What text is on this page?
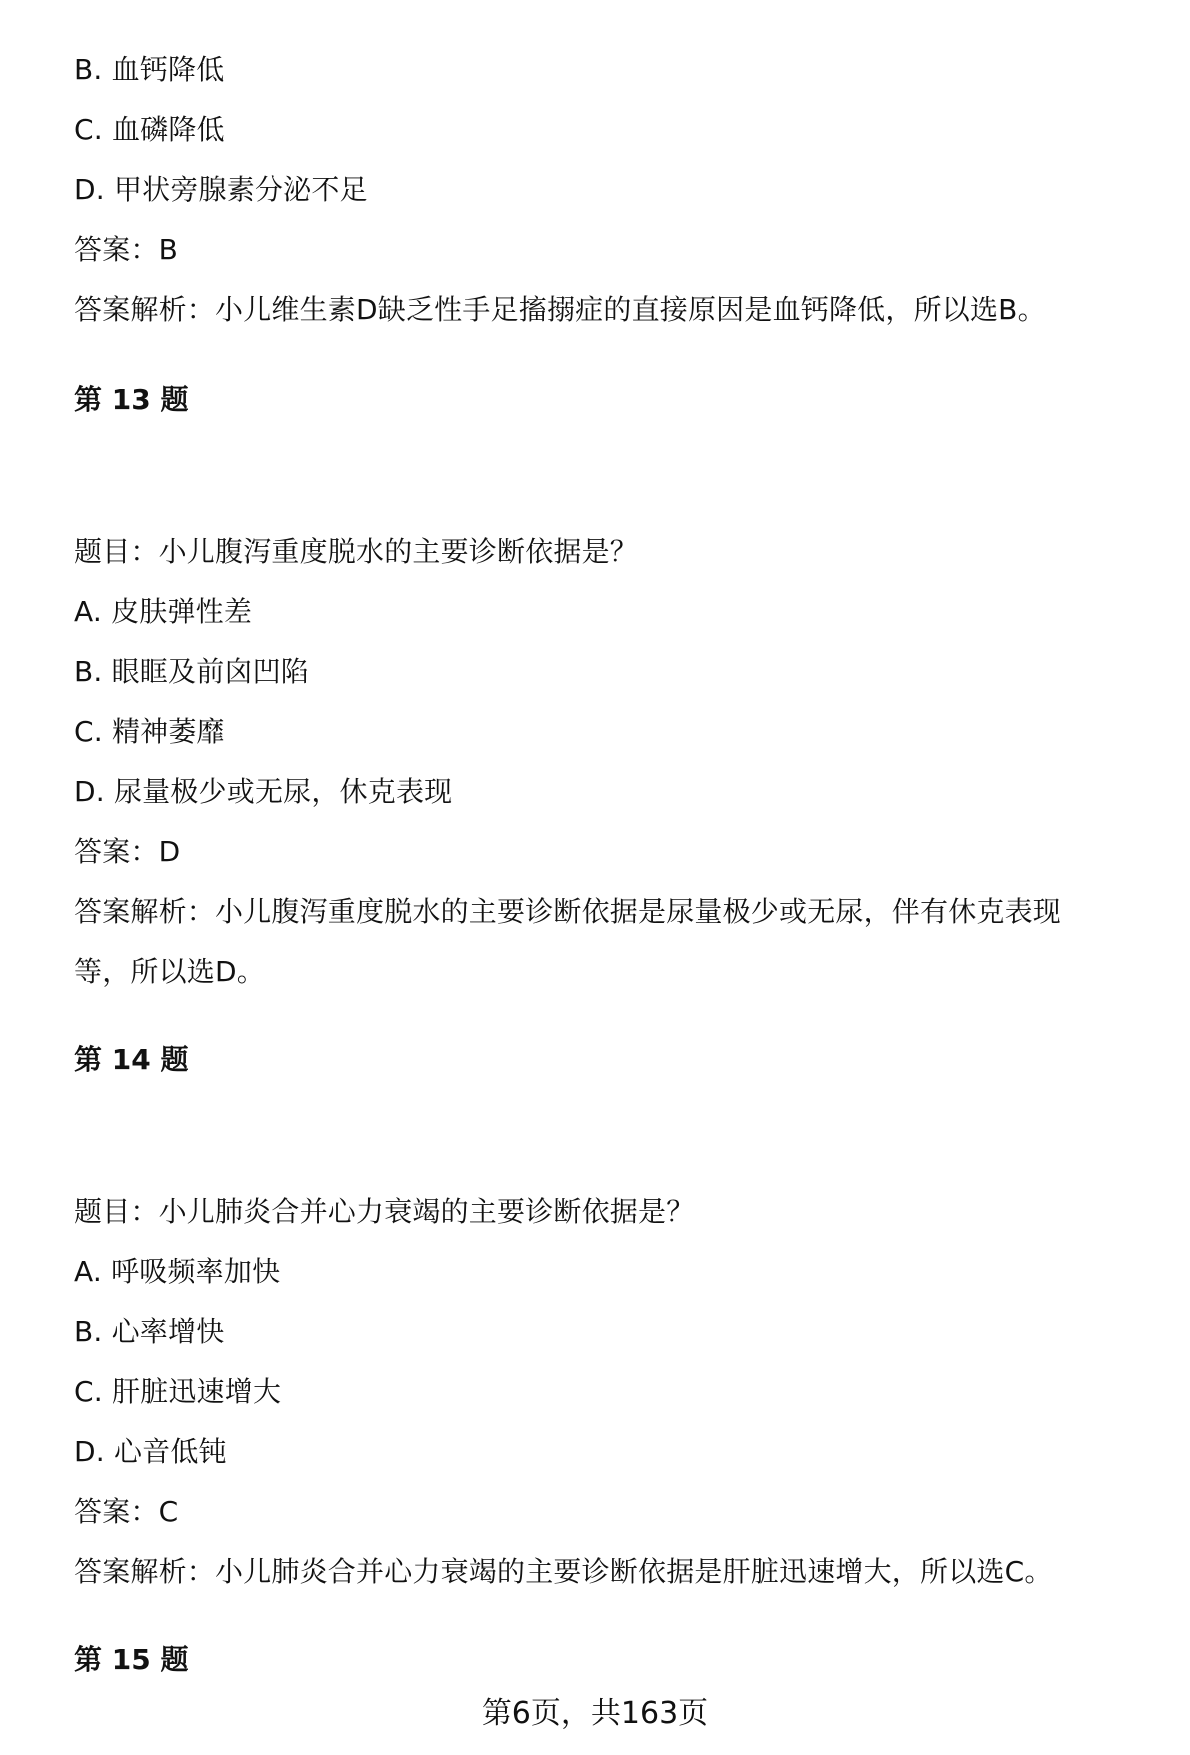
B. 血钙降低
C. 血磷降低
D. 甲状旁腺素分泌不足
答案：B
答案解析：小儿维生素D缺乏性手足搐搦症的直接原因是血钙降低，所以选B。
第 13 题
题目：小儿腹泻重度脱水的主要诊断依据是？
A. 皮肤弹性差
B. 眼眶及前囟凹陷
C. 精神萎靡
D. 尿量极少或无尿，休克表现
答案：D
答案解析：小儿腹泻重度脱水的主要诊断依据是尿量极少或无尿，伴有休克表现
等，所以选D。
第 14 题
题目：小儿肺炎合并心力衰竭的主要诊断依据是？
A. 呼吸频率加快
B. 心率增快
C. 肝脏迅速增大
D. 心音低钝
答案：C
答案解析：小儿肺炎合并心力衰竭的主要诊断依据是肝脏迅速增大，所以选C。
第 15 题
第6页，共163页
